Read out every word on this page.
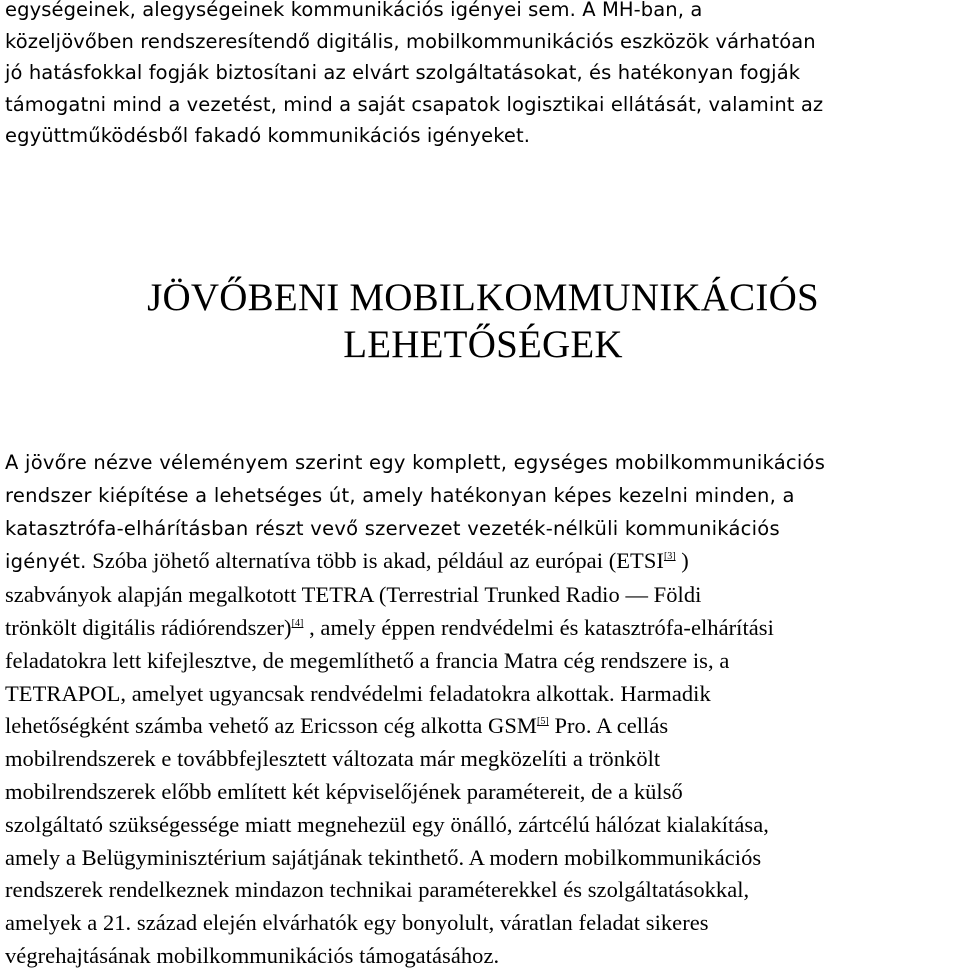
egységeinek, alegységeinek kommunikációs igényei sem. A MH-ban, a
közeljövőben rendszeresítendő digitális, mobilkommunikációs eszközök várhatóan
jó hatásfokkal fogják biztosítani az elvárt szolgáltatásokat, és hatékonyan fogják
támogatni mind a vezetést, mind a saját csapatok logisztikai ellátását, valamint az
együttműködésből fakadó kommunikációs igényeket.
JÖVŐBENI MOBILKOMMUNIKÁCIÓS
LEHETŐSÉGEK
A jövőre nézve véleményem szerint egy komplett, egységes mobilkommunikációs
rendszer kiépítése a lehetséges út, amely hatékonyan képes kezelni minden, a
katasztrófa-elhárításban részt vevő szervezet vezeték-nélküli kommunikációs
igényét. Szóba jöhető alternatíva több is akad, például az európai (ETSI[3] )
szabványok alapján megalkotott TETRA (Terrestrial Trunked Radio — Földi
trönkölt digitális rádiórendszer)[4] , amely éppen rendvédelmi és katasztrófa-elhárítási
feladatokra lett kifejlesztve, de megemlíthető a francia Matra cég rendszere is, a
TETRAPOL, amelyet ugyancsak rendvédelmi feladatokra alkottak. Harmadik
lehetőségként számba vehető az Ericsson cég alkotta GSM[5] Pro. A cellás
mobilrendszerek e továbbfejlesztett változata már megközelíti a trönkölt
mobilrendszerek előbb említett két képviselőjének paramétereit, de a külső
szolgáltató szükségessége miatt megnehezül egy önálló, zártcélú hálózat kialakítása,
amely a Belügyminisztérium sajátjának tekinthető. A modern mobilkommunikációs
rendszerek rendelkeznek mindazon technikai paraméterekkel és szolgáltatásokkal,
amelyek a 21. század elején elvárhatók egy bonyolult, váratlan feladat sikeres
végrehajtásának mobilkommunikációs támogatásához.
